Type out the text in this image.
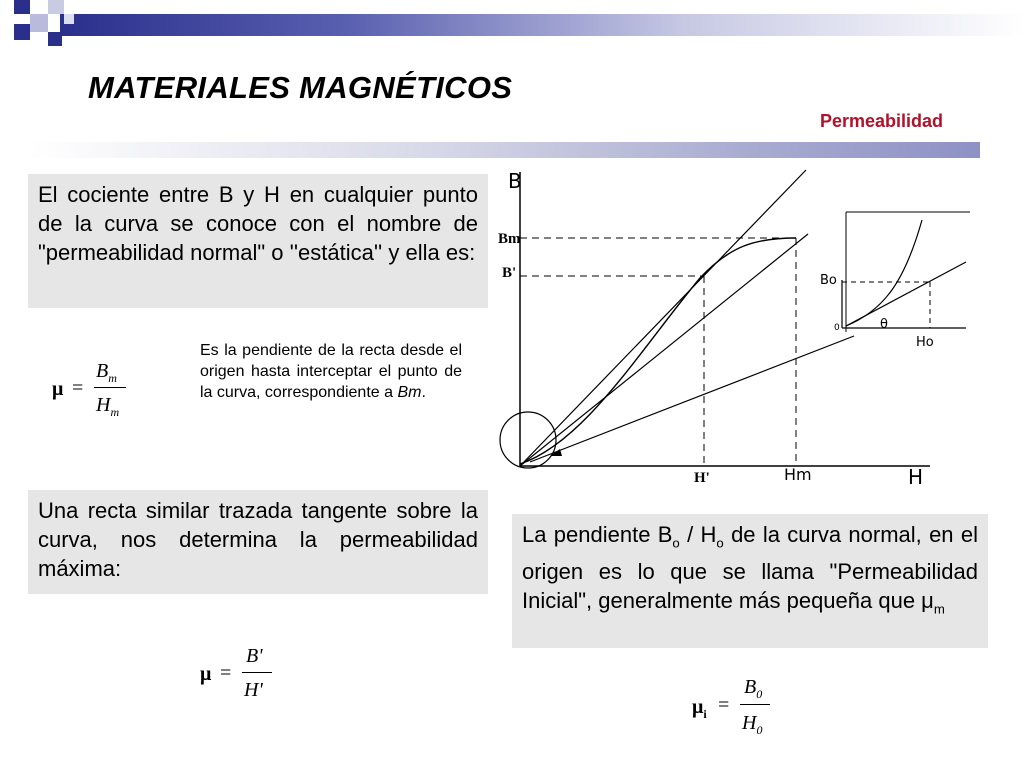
MATERIALES MAGNÉTICOS
Permeabilidad
El cociente entre B y H en cualquier punto de la curva se conoce con el nombre de "permeabilidad normal" o ''estática'' y ella es:
μ =
$B_m$
$H_m$
Es la pendiente de la recta desde el origen hasta interceptar el punto de la curva, correspondiente a Bm.
Una recta similar trazada tangente sobre la curva, nos determina la permeabilidad máxima:
μ =
B'
H'
La pendiente $B_o / H_o$ de la curva normal, en el origen es lo que se llama "Permeabilidad Inicial", generalmente más pequeña que $\mu_m$
$\mu_i$ =
$B_0$
$H_0$
B
H
Bm
B'
H'	Hm
Bo
0	θ
Ho
